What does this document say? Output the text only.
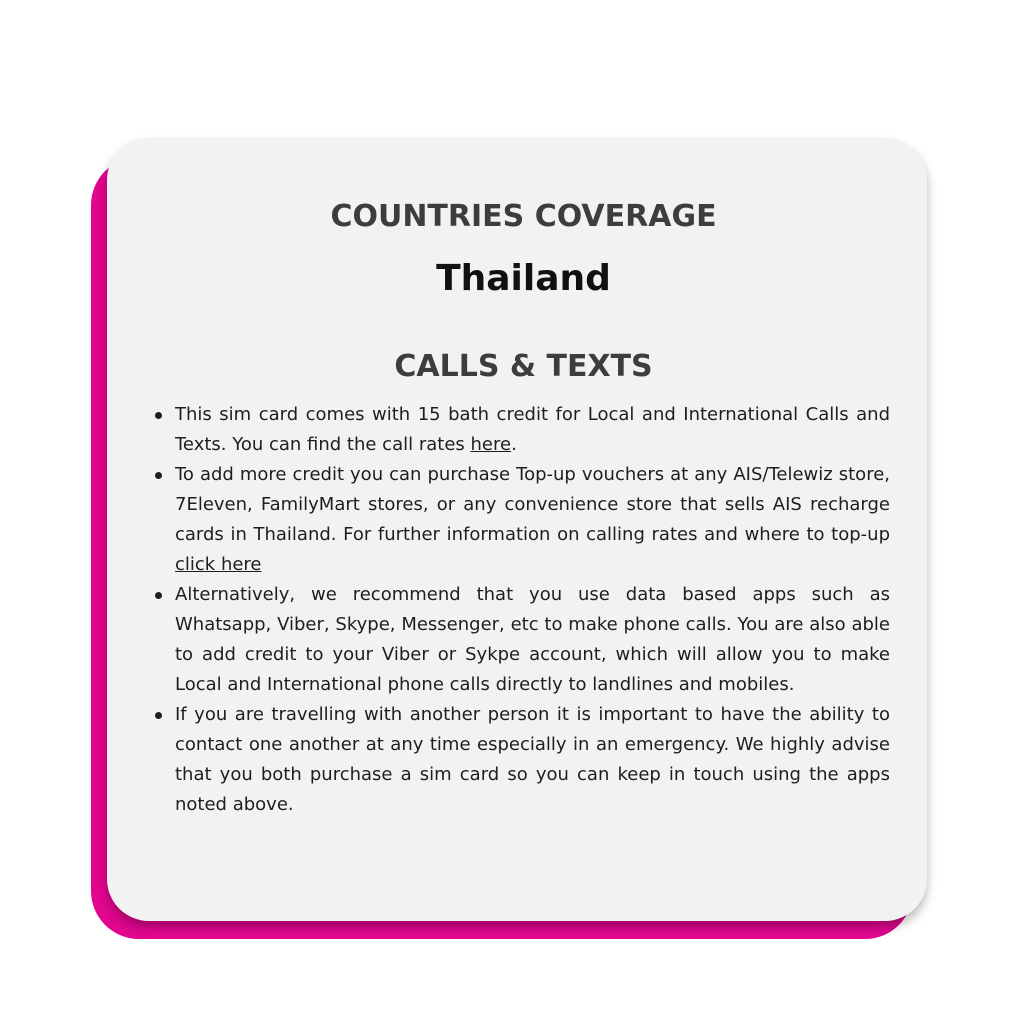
COUNTRIES COVERAGE
Thailand
CALLS & TEXTS
This sim card comes with 15 bath credit for Local and International Calls and Texts. You can find the call rates here.
To add more credit you can purchase Top-up vouchers at any AIS/Telewiz store, 7Eleven, FamilyMart stores, or any convenience store that sells AIS recharge cards in Thailand. For further information on calling rates and where to top-up click here
Alternatively, we recommend that you use data based apps such as Whatsapp, Viber, Skype, Messenger, etc to make phone calls. You are also able to add credit to your Viber or Sykpe account, which will allow you to make Local and International phone calls directly to landlines and mobiles.
If you are travelling with another person it is important to have the ability to contact one another at any time especially in an emergency. We highly advise that you both purchase a sim card so you can keep in touch using the apps noted above.
